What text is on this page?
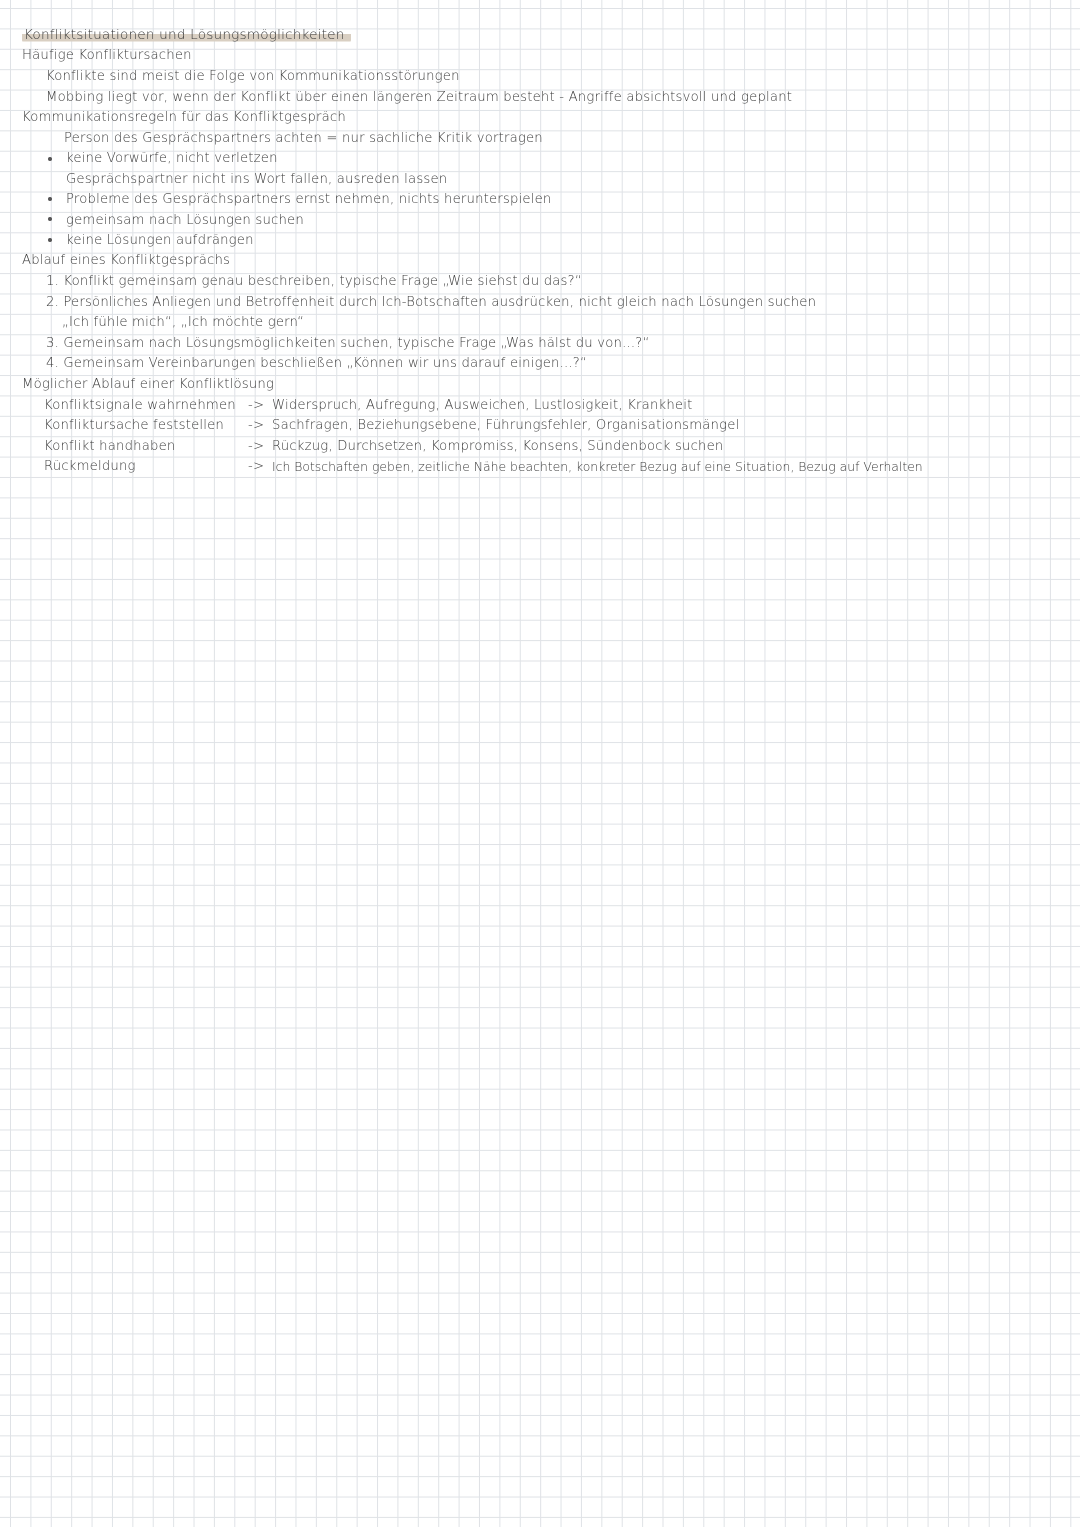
Konfliktsituationen und Lösungsmöglichkeiten
Häufige Konfliktursachen
Konflikte sind meist die Folge von Kommunikationsstörungen
Mobbing liegt vor, wenn der Konflikt über einen längeren Zeitraum besteht - Angriffe absichtsvoll und geplant
Kommunikationsregeln für das Konfliktgespräch
Person des Gesprächspartners achten = nur sachliche Kritik vortragen
keine Vorwürfe, nicht verletzen
Gesprächspartner nicht ins Wort fallen, ausreden lassen
Probleme des Gesprächspartners ernst nehmen, nichts herunterspielen
gemeinsam nach Lösungen suchen
keine Lösungen aufdrängen
Ablauf eines Konfliktgesprächs
1. Konflikt gemeinsam genau beschreiben, typische Frage „Wie siehst du das?“
2. Persönliches Anliegen und Betroffenheit durch Ich-Botschaften ausdrücken, nicht gleich nach Lösungen suchen
„Ich fühle mich“, „Ich möchte gern“
3. Gemeinsam nach Lösungsmöglichkeiten suchen, typische Frage „Was hälst du von...?“
4. Gemeinsam Vereinbarungen beschließen „Können wir uns darauf einigen...?“
Möglicher Ablauf einer Konfliktlösung
Konfliktsignale wahrnehmen -> Widerspruch, Aufregung, Ausweichen, Lustlosigkeit, Krankheit
Konfliktursache feststellen -> Sachfragen, Beziehungsebene, Führungsfehler, Organisationsmängel
Konflikt handhaben	-> Rückzug, Durchsetzen, Kompromiss, Konsens, Sündenbock suchen
Rückmeldung	-> Ich Botschaften geben, zeitliche Nähe beachten, konkreter Bezug auf eine Situation, Bezug auf Verhalten
